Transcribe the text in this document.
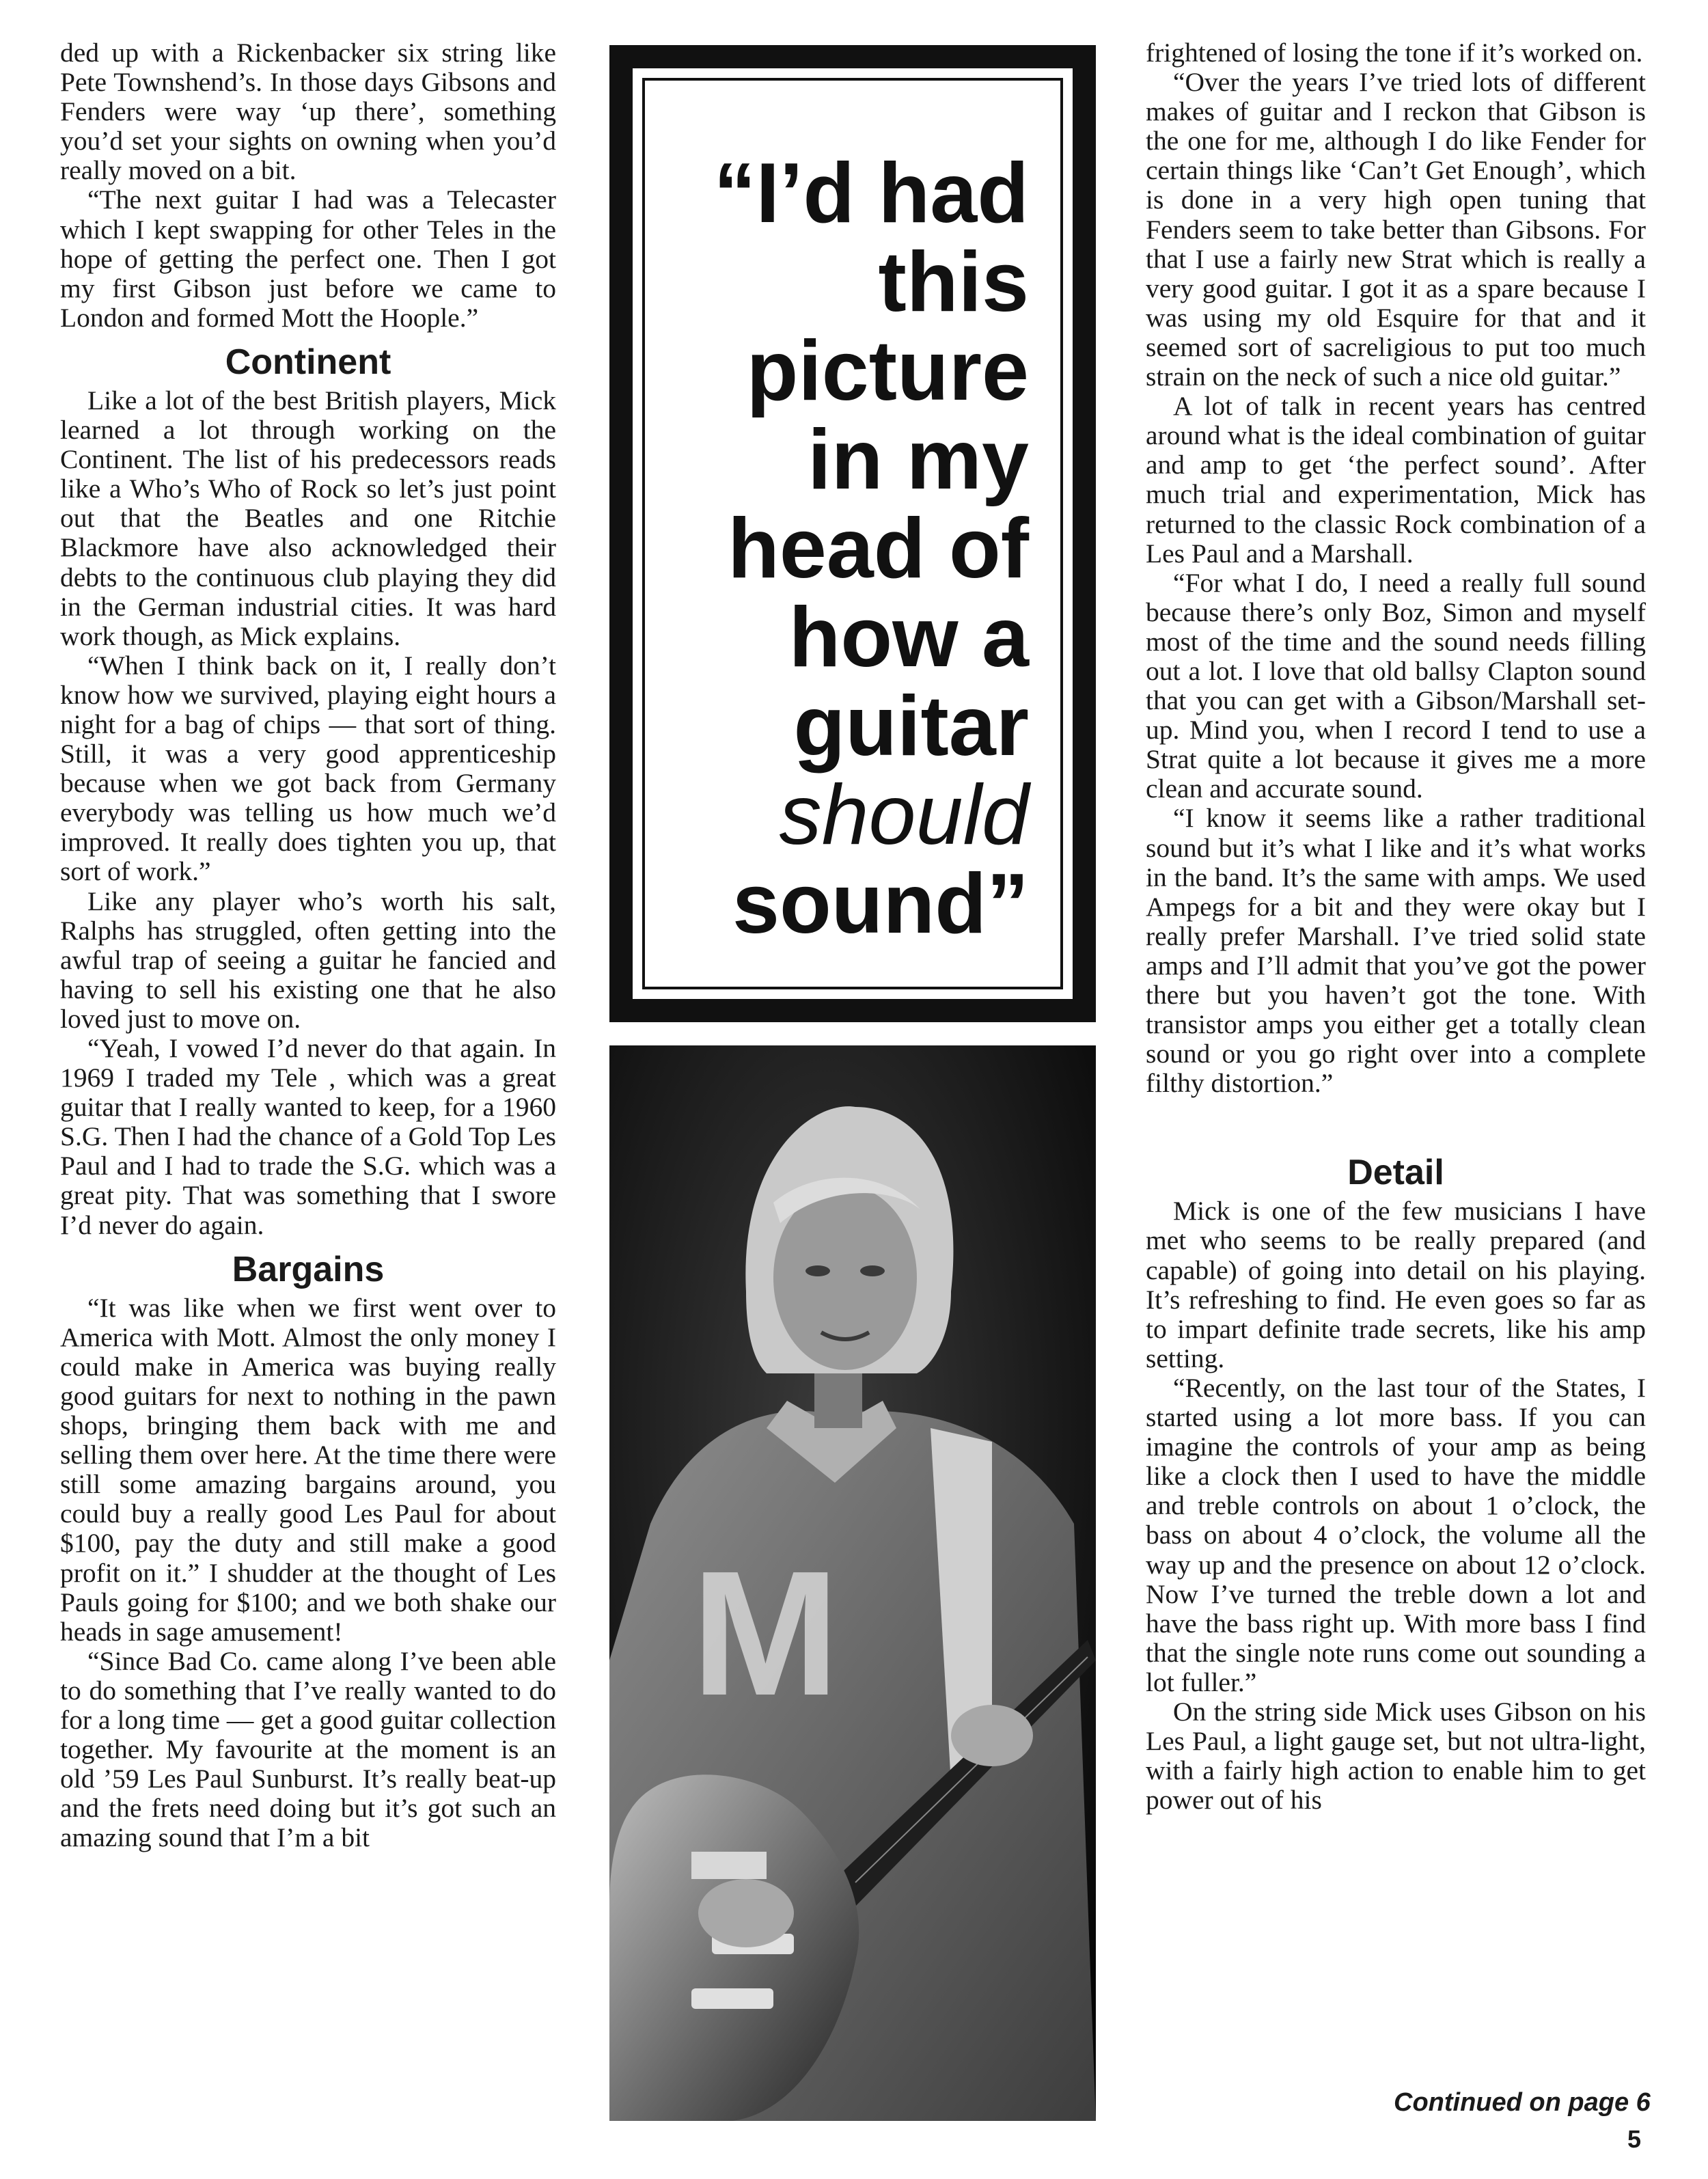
ded up with a Rickenbacker six string like Pete Townshend’s. In those days Gibsons and Fenders were way ‘up there’, something you’d set your sights on owning when you’d really moved on a bit.

“The next guitar I had was a Telecaster which I kept swapping for other Teles in the hope of getting the perfect one. Then I got my first Gibson just before we came to London and formed Mott the Hoople.”

Continent

Like a lot of the best British players, Mick learned a lot through working on the Continent. The list of his predecessors reads like a Who’s Who of Rock so let’s just point out that the Beatles and one Ritchie Blackmore have also acknowledged their debts to the continuous club playing they did in the German industrial cities. It was hard work though, as Mick explains.

“When I think back on it, I really don’t know how we survived, playing eight hours a night for a bag of chips — that sort of thing. Still, it was a very good apprenticeship because when we got back from Germany everybody was telling us how much we’d improved. It really does tighten you up, that sort of work.”

Like any player who’s worth his salt, Ralphs has struggled, often getting into the awful trap of seeing a guitar he fancied and having to sell his existing one that he also loved just to move on.

“Yeah, I vowed I’d never do that again. In 1969 I traded my Tele , which was a great guitar that I really wanted to keep, for a 1960 S.G. Then I had the chance of a Gold Top Les Paul and I had to trade the S.G. which was a great pity. That was something that I swore I’d never do again.

Bargains

“It was like when we first went over to America with Mott. Almost the only money I could make in America was buying really good guitars for next to nothing in the pawn shops, bringing them back with me and selling them over here. At the time there were still some amazing bargains around, you could buy a really good Les Paul for about $100, pay the duty and still make a good profit on it.” I shudder at the thought of Les Pauls going for $100; and we both shake our heads in sage amusement!

“Since Bad Co. came along I’ve been able to do something that I’ve really wanted to do for a long time — get a good guitar collection together. My favourite at the moment is an old ’59 Les Paul Sunburst. It’s really beat-up and the frets need doing but it’s got such an amazing sound that I’m a bit

“I’d had
this
picture
in my
head of
how a
guitar
should
sound”
M

frightened of losing the tone if it’s worked on.

“Over the years I’ve tried lots of different makes of guitar and I reckon that Gibson is the one for me, although I do like Fender for certain things like ‘Can’t Get Enough’, which is done in a very high open tuning that Fenders seem to take better than Gibsons. For that I use a fairly new Strat which is really a very good guitar. I got it as a spare because I was using my old Esquire for that and it seemed sort of sacreligious to put too much strain on the neck of such a nice old guitar.”

A lot of talk in recent years has centred around what is the ideal combination of guitar and amp to get ‘the perfect sound’. After much trial and experimentation, Mick has returned to the classic Rock combination of a Les Paul and a Marshall.

“For what I do, I need a really full sound because there’s only Boz, Simon and myself most of the time and the sound needs filling out a lot. I love that old ballsy Clapton sound that you can get with a Gibson/Marshall set-up. Mind you, when I record I tend to use a Strat quite a lot because it gives me a more clean and accurate sound.

“I know it seems like a rather traditional sound but it’s what I like and it’s what works in the band. It’s the same with amps. We used Ampegs for a bit and they were okay but I really prefer Marshall. I’ve tried solid state amps and I’ll admit that you’ve got the power there but you haven’t got the tone. With transistor amps you either get a totally clean sound or you go right over into a complete filthy distortion.”

Detail

Mick is one of the few musicians I have met who seems to be really prepared (and capable) of going into detail on his playing. It’s refreshing to find. He even goes so far as to impart definite trade secrets, like his amp setting.

“Recently, on the last tour of the States, I started using a lot more bass. If you can imagine the controls of your amp as being like a clock then I used to have the middle and treble controls on about 1 o’clock, the bass on about 4 o’clock, the volume all the way up and the presence on about 12 o’clock. Now I’ve turned the treble down a lot and have the bass right up. With more bass I find that the single note runs come out sounding a lot fuller.”

On the string side Mick uses Gibson on his Les Paul, a light gauge set, but not ultra-light, with a fairly high action to enable him to get power out of his

Continued on page 6
5
